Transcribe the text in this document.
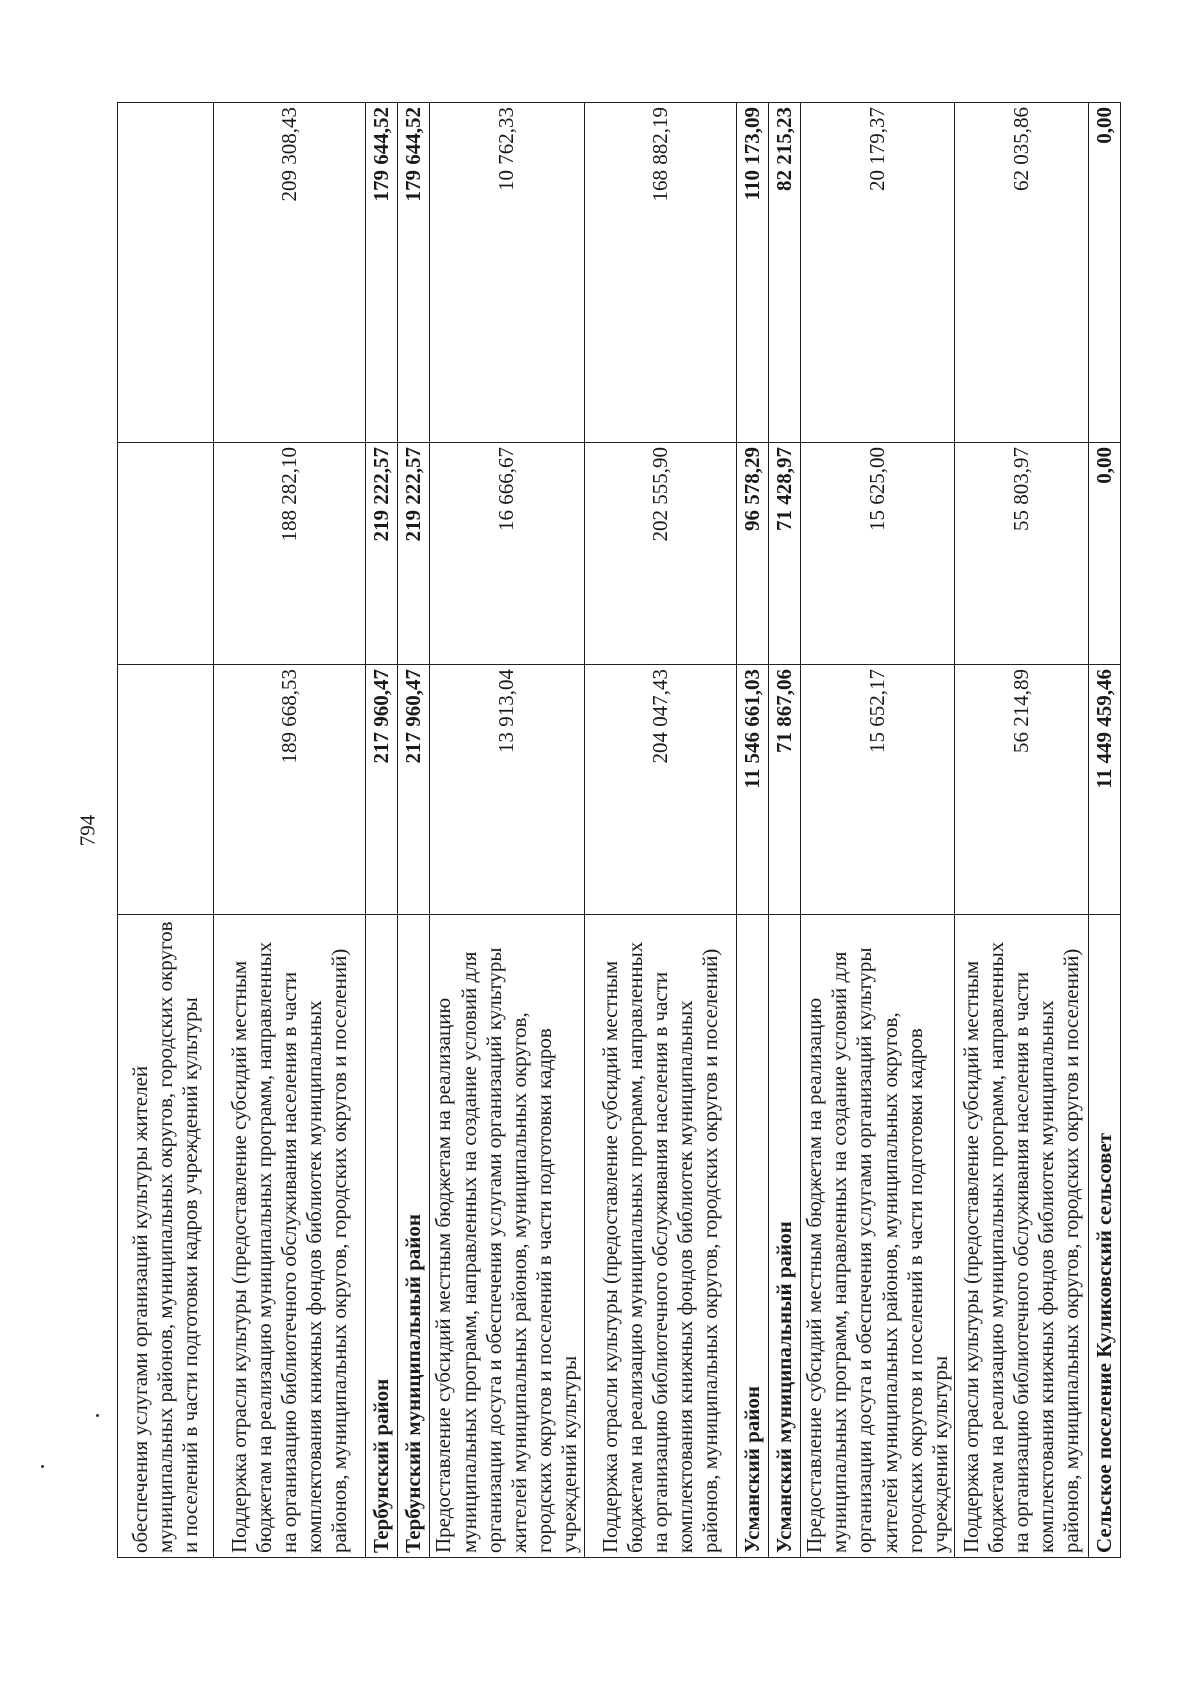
794
обеспечения услугами организаций культуры жителей муниципальных районов, муниципальных округов, городских округов и поселений в части подготовки кадров учреждений культуры			
Поддержка отрасли культуры (предоставление субсидий местным бюджетам на реализацию муниципальных программ, направленных на организацию библиотечного обслуживания населения в части комплектования книжных фондов библиотек муниципальных районов, муниципальных округов, городских округов и поселений)	189 668,53	188 282,10	209 308,43
Тербунский район	217 960,47	219 222,57	179 644,52
Тербунский муниципальный район	217 960,47	219 222,57	179 644,52
Предоставление субсидий местным бюджетам на реализацию муниципальных программ, направленных на создание условий для организации досуга и обеспечения услугами организаций культуры жителей муниципальных районов, муниципальных округов, городских округов и поселений в части подготовки кадров учреждений культуры	13 913,04	16 666,67	10 762,33
Поддержка отрасли культуры (предоставление субсидий местным бюджетам на реализацию муниципальных программ, направленных на организацию библиотечного обслуживания населения в части комплектования книжных фондов библиотек муниципальных районов, муниципальных округов, городских округов и поселений)	204 047,43	202 555,90	168 882,19
Усманский район	11 546 661,03	96 578,29	110 173,09
Усманский муниципальный район	71 867,06	71 428,97	82 215,23
Предоставление субсидий местным бюджетам на реализацию муниципальных программ, направленных на создание условий для организации досуга и обеспечения услугами организаций культуры жителей муниципальных районов, муниципальных округов, городских округов и поселений в части подготовки кадров учреждений культуры	15 652,17	15 625,00	20 179,37
Поддержка отрасли культуры (предоставление субсидий местным бюджетам на реализацию муниципальных программ, направленных на организацию библиотечного обслуживания населения в части комплектования книжных фондов библиотек муниципальных районов, муниципальных округов, городских округов и поселений)	56 214,89	55 803,97	62 035,86
Сельское поселение Куликовский сельсовет	11 449 459,46	0,00	0,00
